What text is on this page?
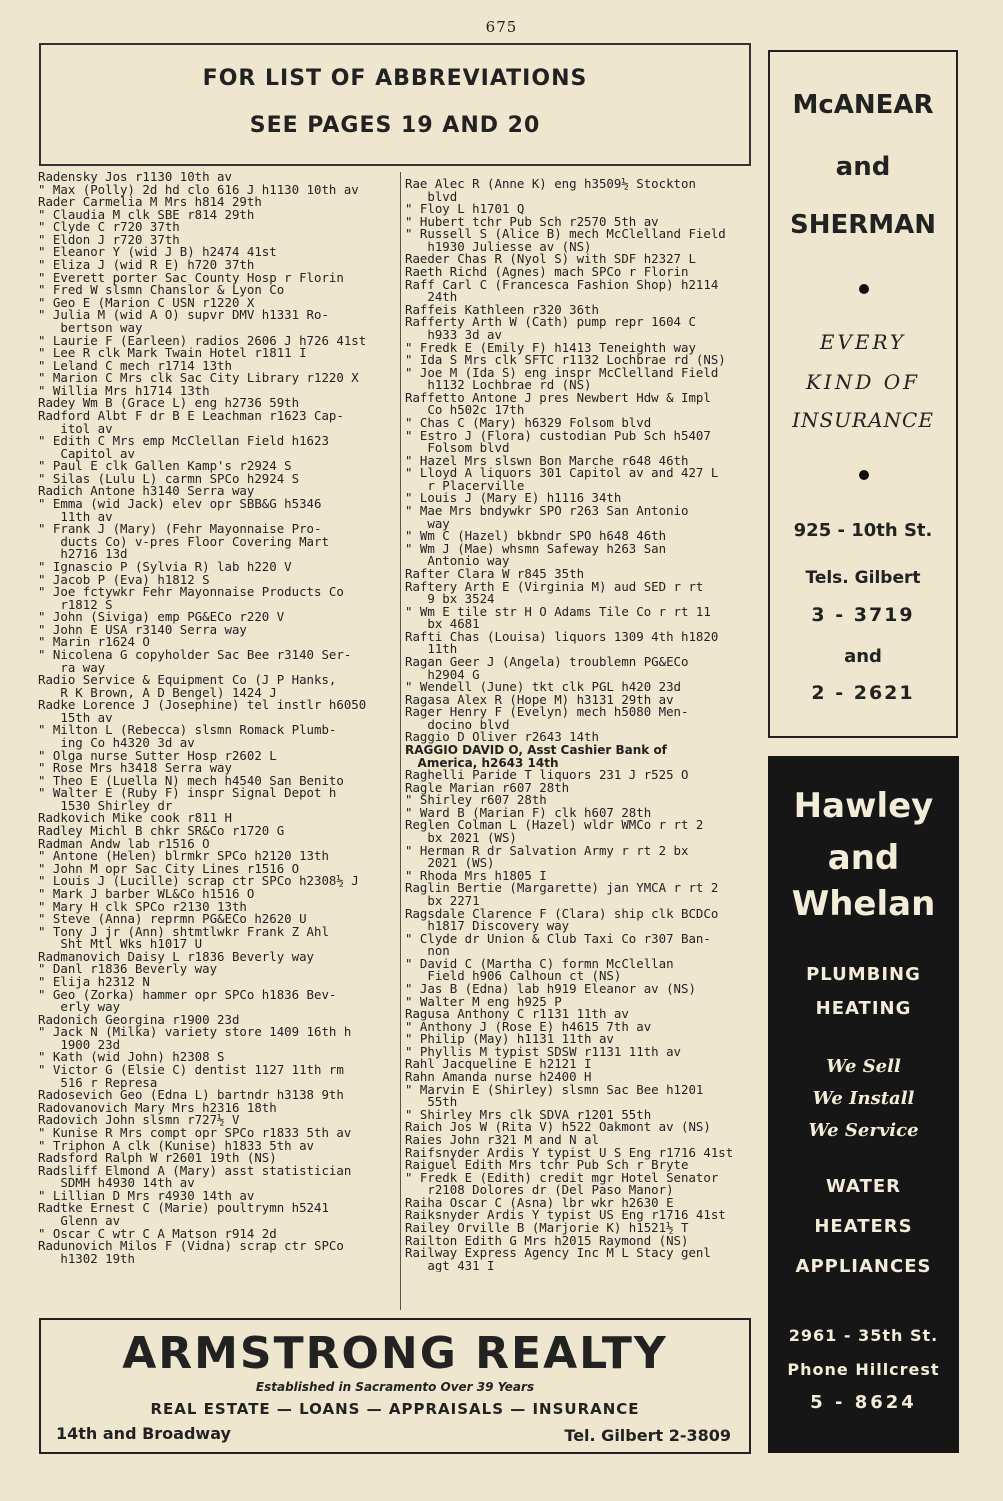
675
FOR LIST OF ABBREVIATIONS
SEE PAGES 19 AND 20
Radensky Jos r1130 10th av
" Max (Polly) 2d hd clo 616 J h1130 10th av
Rader Carmelia M Mrs h814 29th
" Claudia M clk SBE r814 29th
" Clyde C r720 37th
" Eldon J r720 37th
" Eleanor Y (wid J B) h2474 41st
" Eliza J (wid R E) h720 37th
" Everett porter Sac County Hosp r Florin
" Fred W slsmn Chanslor & Lyon Co
" Geo E (Marion C USN r1220 X
" Julia M (wid A O) supvr DMV h1331 Ro-
bertson way
" Laurie F (Earleen) radios 2606 J h726 41st
" Lee R clk Mark Twain Hotel r1811 I
" Leland C mech r1714 13th
" Marion C Mrs clk Sac City Library r1220 X
" Willia Mrs h1714 13th
Radey Wm B (Grace L) eng h2736 59th
Radford Albt F dr B E Leachman r1623 Cap-
itol av
" Edith C Mrs emp McClellan Field h1623
Capitol av
" Paul E clk Gallen Kamp's r2924 S
" Silas (Lulu L) carmn SPCo h2924 S
Radich Antone h3140 Serra way
" Emma (wid Jack) elev opr SBB&G h5346
11th av
" Frank J (Mary) (Fehr Mayonnaise Pro-
ducts Co) v-pres Floor Covering Mart
h2716 13d
" Ignascio P (Sylvia R) lab h220 V
" Jacob P (Eva) h1812 S
" Joe fctywkr Fehr Mayonnaise Products Co
r1812 S
" John (Siviga) emp PG&ECo r220 V
" John E USA r3140 Serra way
" Marin r1624 O
" Nicolena G copyholder Sac Bee r3140 Ser-
ra way
Radio Service & Equipment Co (J P Hanks,
R K Brown, A D Bengel) 1424 J
Radke Lorence J (Josephine) tel instlr h6050
15th av
" Milton L (Rebecca) slsmn Romack Plumb-
ing Co h4320 3d av
" Olga nurse Sutter Hosp r2602 L
" Rose Mrs h3418 Serra way
" Theo E (Luella N) mech h4540 San Benito
" Walter E (Ruby F) inspr Signal Depot h
1530 Shirley dr
Radkovich Mike cook r811 H
Radley Michl B chkr SR&Co r1720 G
Radman Andw lab r1516 O
" Antone (Helen) blrmkr SPCo h2120 13th
" John M opr Sac City Lines r1516 O
" Louis J (Lucille) scrap ctr SPCo h2308½ J
" Mark J barber WL&Co h1516 O
" Mary H clk SPCo r2130 13th
" Steve (Anna) reprmn PG&ECo h2620 U
" Tony J jr (Ann) shtmtlwkr Frank Z Ahl
Sht Mtl Wks h1017 U
Radmanovich Daisy L r1836 Beverly way
" Danl r1836 Beverly way
" Elija h2312 N
" Geo (Zorka) hammer opr SPCo h1836 Bev-
erly way
Radonich Georgina r1900 23d
" Jack N (Milka) variety store 1409 16th h
1900 23d
" Kath (wid John) h2308 S
" Victor G (Elsie C) dentist 1127 11th rm
516 r Represa
Radosevich Geo (Edna L) bartndr h3138 9th
Radovanovich Mary Mrs h2316 18th
Radovich John slsmn r727½ V
" Kunise R Mrs compt opr SPCo r1833 5th av
" Triphon A clk (Kunise) h1833 5th av
Radsford Ralph W r2601 19th (NS)
Radsliff Elmond A (Mary) asst statistician
SDMH h4930 14th av
" Lillian D Mrs r4930 14th av
Radtke Ernest C (Marie) poultrymn h5241
Glenn av
" Oscar C wtr C A Matson r914 2d
Radunovich Milos F (Vidna) scrap ctr SPCo
h1302 19th
Rae Alec R (Anne K) eng h3509½ Stockton
blvd
" Floy L h1701 Q
" Hubert tchr Pub Sch r2570 5th av
" Russell S (Alice B) mech McClelland Field
h1930 Juliesse av (NS)
Raeder Chas R (Nyol S) with SDF h2327 L
Raeth Richd (Agnes) mach SPCo r Florin
Raff Carl C (Francesca Fashion Shop) h2114
24th
Raffeis Kathleen r320 36th
Rafferty Arth W (Cath) pump repr 1604 C
h933 3d av
" Fredk E (Emily F) h1413 Teneighth way
" Ida S Mrs clk SFTC r1132 Lochbrae rd (NS)
" Joe M (Ida S) eng inspr McClelland Field
h1132 Lochbrae rd (NS)
Raffetto Antone J pres Newbert Hdw & Impl
Co h502c 17th
" Chas C (Mary) h6329 Folsom blvd
" Estro J (Flora) custodian Pub Sch h5407
Folsom blvd
" Hazel Mrs slswn Bon Marche r648 46th
" Lloyd A liquors 301 Capitol av and 427 L
r Placerville
" Louis J (Mary E) h1116 34th
" Mae Mrs bndywkr SPO r263 San Antonio
way
" Wm C (Hazel) bkbndr SPO h648 46th
" Wm J (Mae) whsmn Safeway h263 San
Antonio way
Rafter Clara W r845 35th
Raftery Arth E (Virginia M) aud SED r rt
9 bx 3524
" Wm E tile str H O Adams Tile Co r rt 11
bx 4681
Rafti Chas (Louisa) liquors 1309 4th h1820
11th
Ragan Geer J (Angela) troublemn PG&ECo
h2904 G
" Wendell (June) tkt clk PGL h420 23d
Ragasa Alex R (Hope M) h3131 29th av
Rager Henry F (Evelyn) mech h5080 Men-
docino blvd
Raggio D Oliver r2643 14th
RAGGIO DAVID O, Asst Cashier Bank of
America, h2643 14th
Raghelli Paride T liquors 231 J r525 O
Ragle Marian r607 28th
" Shirley r607 28th
" Ward B (Marian F) clk h607 28th
Reglen Colman L (Hazel) wldr WMCo r rt 2
bx 2021 (WS)
" Herman R dr Salvation Army r rt 2 bx
2021 (WS)
" Rhoda Mrs h1805 I
Raglin Bertie (Margarette) jan YMCA r rt 2
bx 2271
Ragsdale Clarence F (Clara) ship clk BCDCo
h1817 Discovery way
" Clyde dr Union & Club Taxi Co r307 Ban-
non
" David C (Martha C) formn McClellan
Field h906 Calhoun ct (NS)
" Jas B (Edna) lab h919 Eleanor av (NS)
" Walter M eng h925 P
Ragusa Anthony C r1131 11th av
" Anthony J (Rose E) h4615 7th av
" Philip (May) h1131 11th av
" Phyllis M typist SDSW r1131 11th av
Rahl Jacqueline E h2121 I
Rahn Amanda nurse h2400 H
" Marvin E (Shirley) slsmn Sac Bee h1201
55th
" Shirley Mrs clk SDVA r1201 55th
Raich Jos W (Rita V) h522 Oakmont av (NS)
Raies John r321 M and N al
Raifsnyder Ardis Y typist U S Eng r1716 41st
Raiguel Edith Mrs tchr Pub Sch r Bryte
" Fredk E (Edith) credit mgr Hotel Senator
r2108 Dolores dr (Del Paso Manor)
Raiha Oscar C (Asna) lbr wkr h2630 E
Raiksnyder Ardis Y typist US Eng r1716 41st
Railey Orville B (Marjorie K) h1521½ T
Railton Edith G Mrs h2015 Raymond (NS)
Railway Express Agency Inc M L Stacy genl
agt 431 I
McANEAR
and
SHERMAN
EVERY
KIND OF
INSURANCE
925 - 10th St.
Tels. Gilbert
3 - 3719
and
2 - 2621
Hawley
and
Whelan
PLUMBING
HEATING
We Sell
We Install
We Service
WATER
HEATERS
APPLIANCES
2961 - 35th St.
Phone Hillcrest
5 - 8624
ARMSTRONG REALTY
Established in Sacramento Over 39 Years
REAL ESTATE — LOANS — APPRAISALS — INSURANCE
14th and Broadway	Tel. Gilbert 2-3809
